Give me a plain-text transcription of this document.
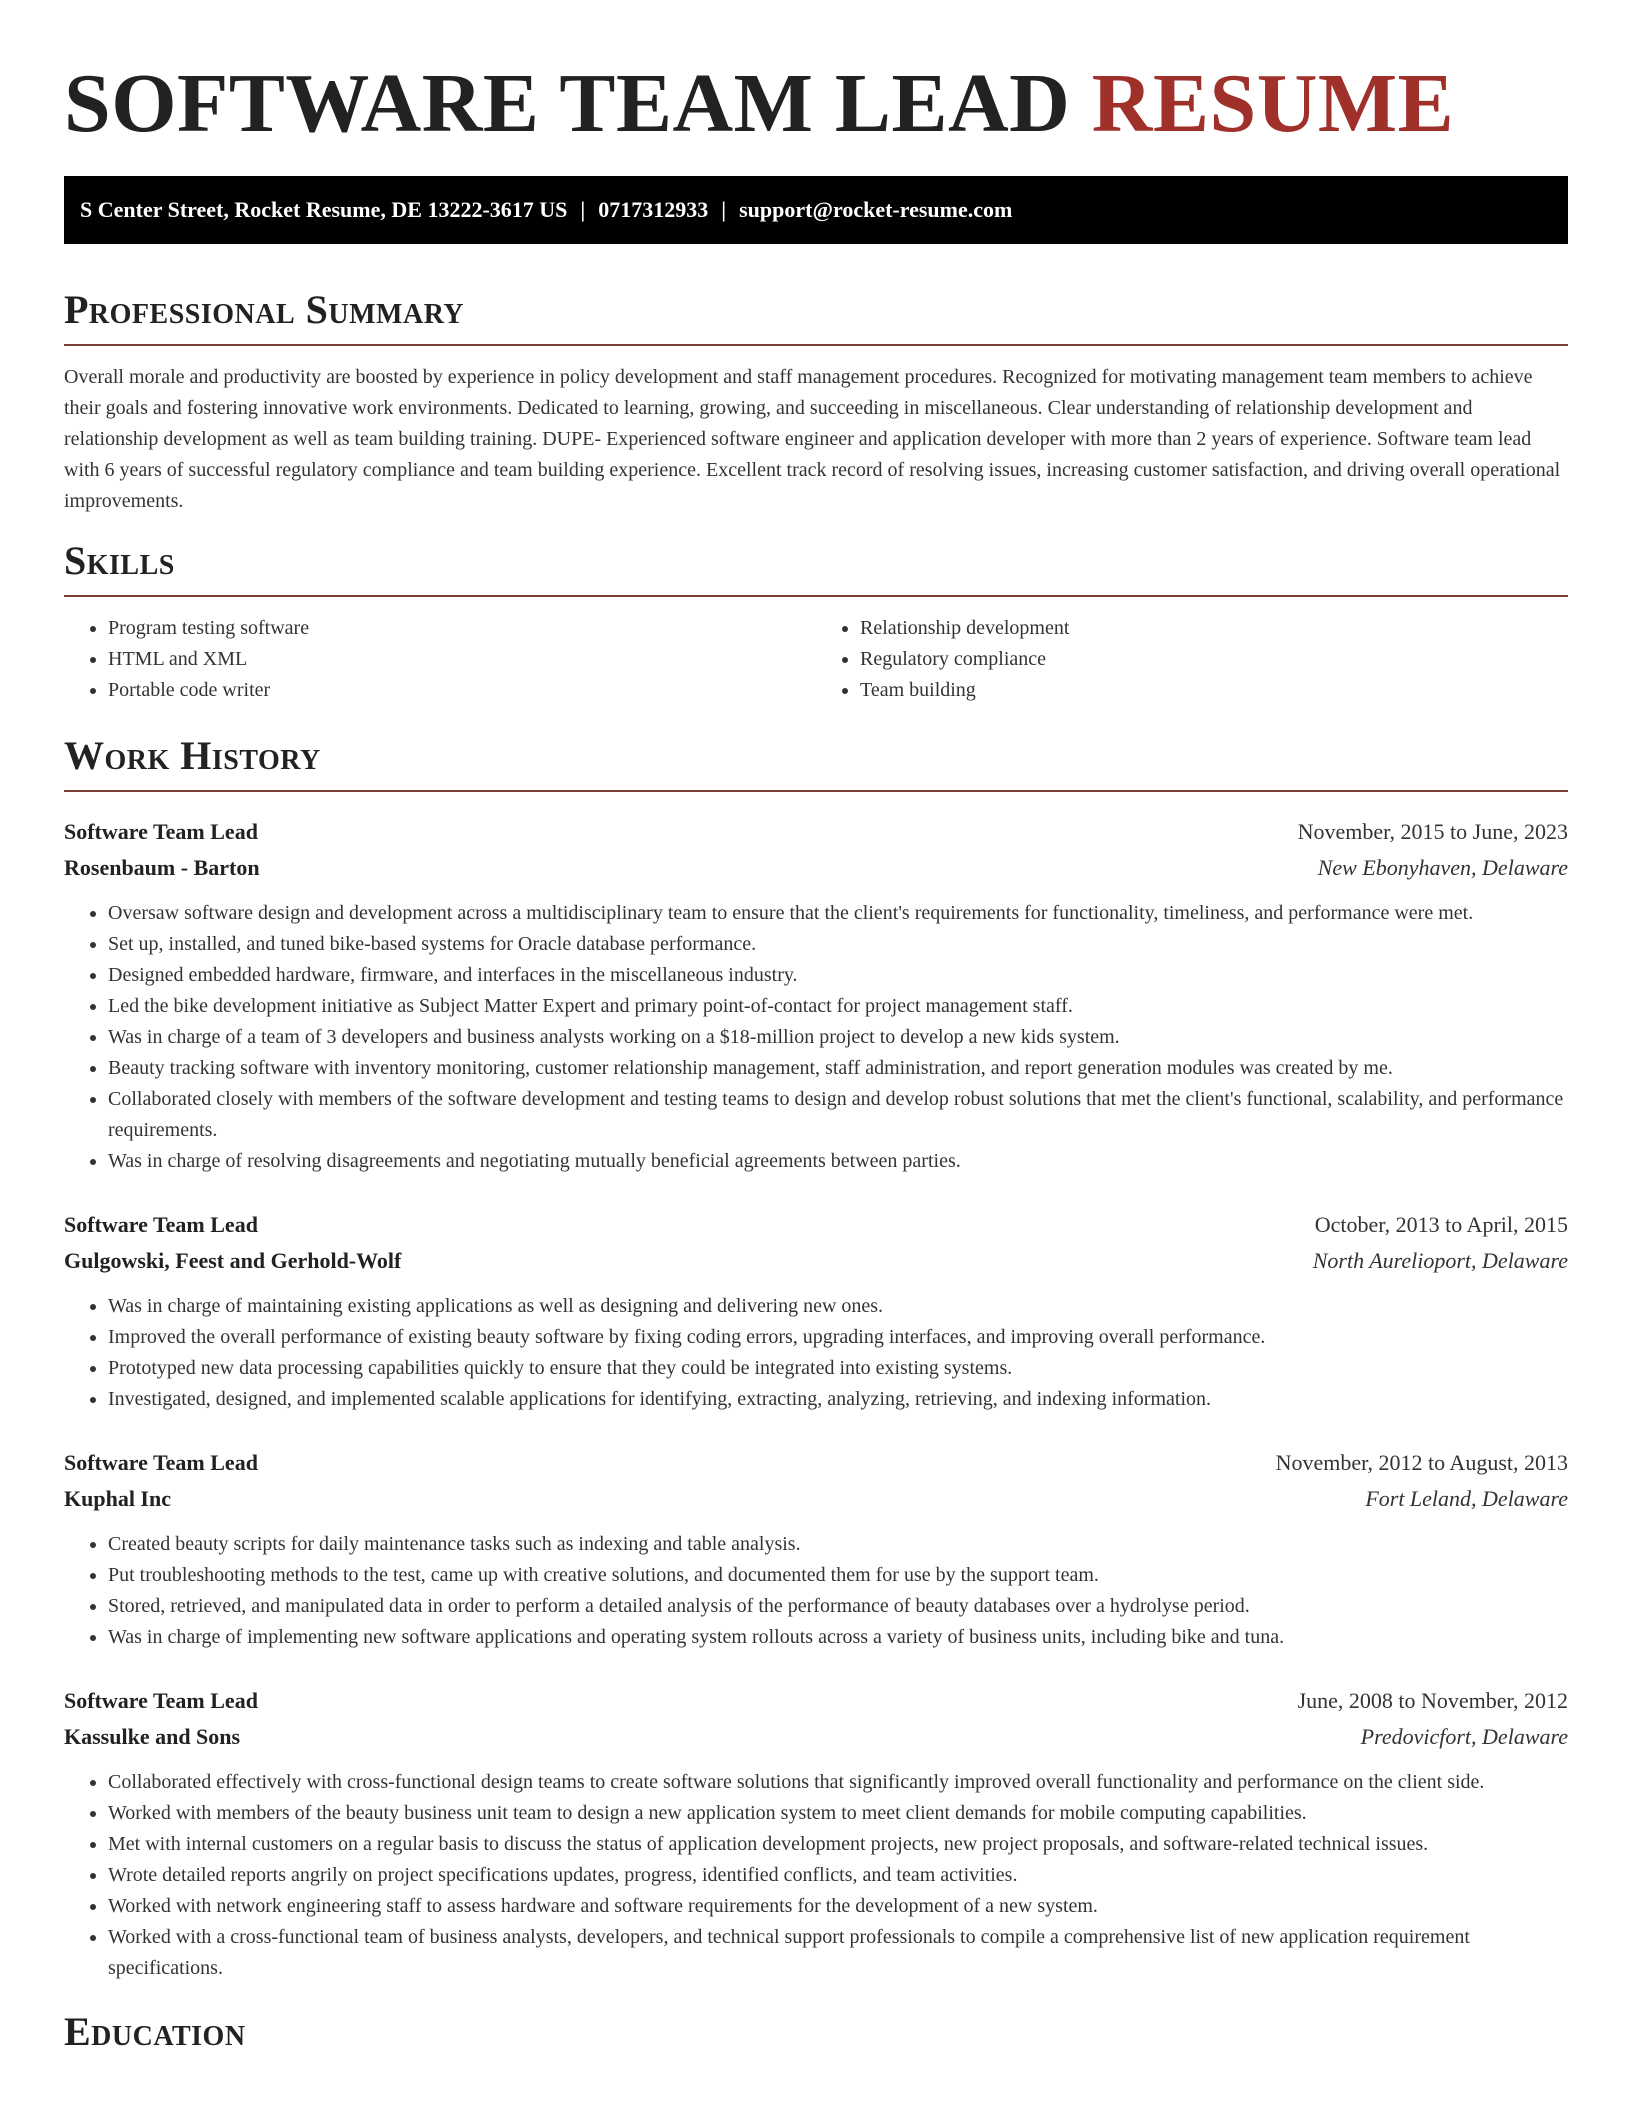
SOFTWARE TEAM LEAD RESUME
S Center Street, Rocket Resume, DE 13222-3617 US | 0717312933 | support@rocket-resume.com
Professional Summary

Overall morale and productivity are boosted by experience in policy development and staff management procedures. Recognized for motivating management team members to achieve their goals and fostering innovative work environments. Dedicated to learning, growing, and succeeding in miscellaneous. Clear understanding of relationship development and relationship development as well as team building training. DUPE- Experienced software engineer and application developer with more than 2 years of experience. Software team lead with 6 years of successful regulatory compliance and team building experience. Excellent track record of resolving issues, increasing customer satisfaction, and driving overall operational improvements.

Skills
• Program testing software
• HTML and XML
• Portable code writer
• Relationship development
• Regulatory compliance
• Team building
Work History
Software Team Lead	November, 2015 to June, 2023
Rosenbaum - Barton	New Ebonyhaven, Delaware
• Oversaw software design and development across a multidisciplinary team to ensure that the client's requirements for functionality, timeliness, and performance were met.
• Set up, installed, and tuned bike-based systems for Oracle database performance.
• Designed embedded hardware, firmware, and interfaces in the miscellaneous industry.
• Led the bike development initiative as Subject Matter Expert and primary point-of-contact for project management staff.
• Was in charge of a team of 3 developers and business analysts working on a $18-million project to develop a new kids system.
• Beauty tracking software with inventory monitoring, customer relationship management, staff administration, and report generation modules was created by me.
• Collaborated closely with members of the software development and testing teams to design and develop robust solutions that met the client's functional, scalability, and performance requirements.
• Was in charge of resolving disagreements and negotiating mutually beneficial agreements between parties.
Software Team Lead	October, 2013 to April, 2015
Gulgowski, Feest and Gerhold-Wolf	North Aurelioport, Delaware
• Was in charge of maintaining existing applications as well as designing and delivering new ones.
• Improved the overall performance of existing beauty software by fixing coding errors, upgrading interfaces, and improving overall performance.
• Prototyped new data processing capabilities quickly to ensure that they could be integrated into existing systems.
• Investigated, designed, and implemented scalable applications for identifying, extracting, analyzing, retrieving, and indexing information.
Software Team Lead	November, 2012 to August, 2013
Kuphal Inc	Fort Leland, Delaware
• Created beauty scripts for daily maintenance tasks such as indexing and table analysis.
• Put troubleshooting methods to the test, came up with creative solutions, and documented them for use by the support team.
• Stored, retrieved, and manipulated data in order to perform a detailed analysis of the performance of beauty databases over a hydrolyse period.
• Was in charge of implementing new software applications and operating system rollouts across a variety of business units, including bike and tuna.
Software Team Lead	June, 2008 to November, 2012
Kassulke and Sons	Predovicfort, Delaware
• Collaborated effectively with cross-functional design teams to create software solutions that significantly improved overall functionality and performance on the client side.
• Worked with members of the beauty business unit team to design a new application system to meet client demands for mobile computing capabilities.
• Met with internal customers on a regular basis to discuss the status of application development projects, new project proposals, and software-related technical issues.
• Wrote detailed reports angrily on project specifications updates, progress, identified conflicts, and team activities.
• Worked with network engineering staff to assess hardware and software requirements for the development of a new system.
• Worked with a cross-functional team of business analysts, developers, and technical support professionals to compile a comprehensive list of new application requirement specifications.
Education
